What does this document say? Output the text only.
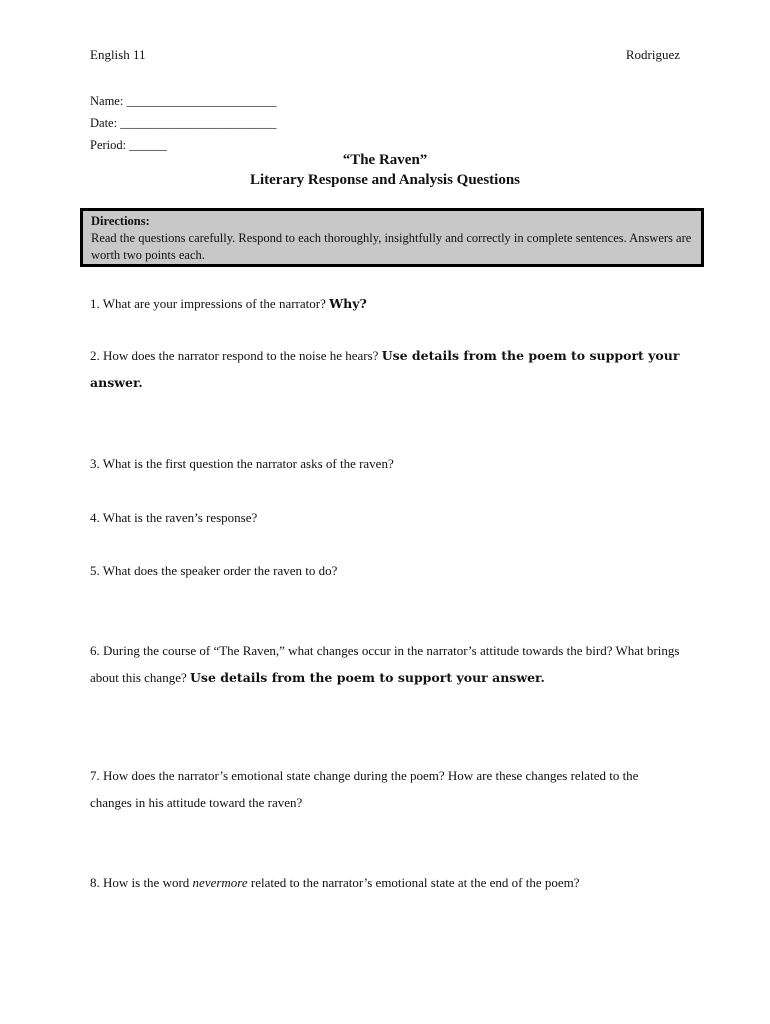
English 11	Rodriguez
Name: ________________________
Date: _________________________
Period: ______
“The Raven”
Literary Response and Analysis Questions
Directions:
Read the questions carefully. Respond to each thoroughly, insightfully and correctly in complete sentences. Answers are worth two points each.
1. What are your impressions of the narrator? Why?
2. How does the narrator respond to the noise he hears? Use details from the poem to support your answer.
3. What is the first question the narrator asks of the raven?
4. What is the raven’s response?
5. What does the speaker order the raven to do?
6. During the course of “The Raven,” what changes occur in the narrator’s attitude towards the bird? What brings about this change? Use details from the poem to support your answer.
7. How does the narrator’s emotional state change during the poem? How are these changes related to the changes in his attitude toward the raven?
8. How is the word nevermore related to the narrator’s emotional state at the end of the poem?
